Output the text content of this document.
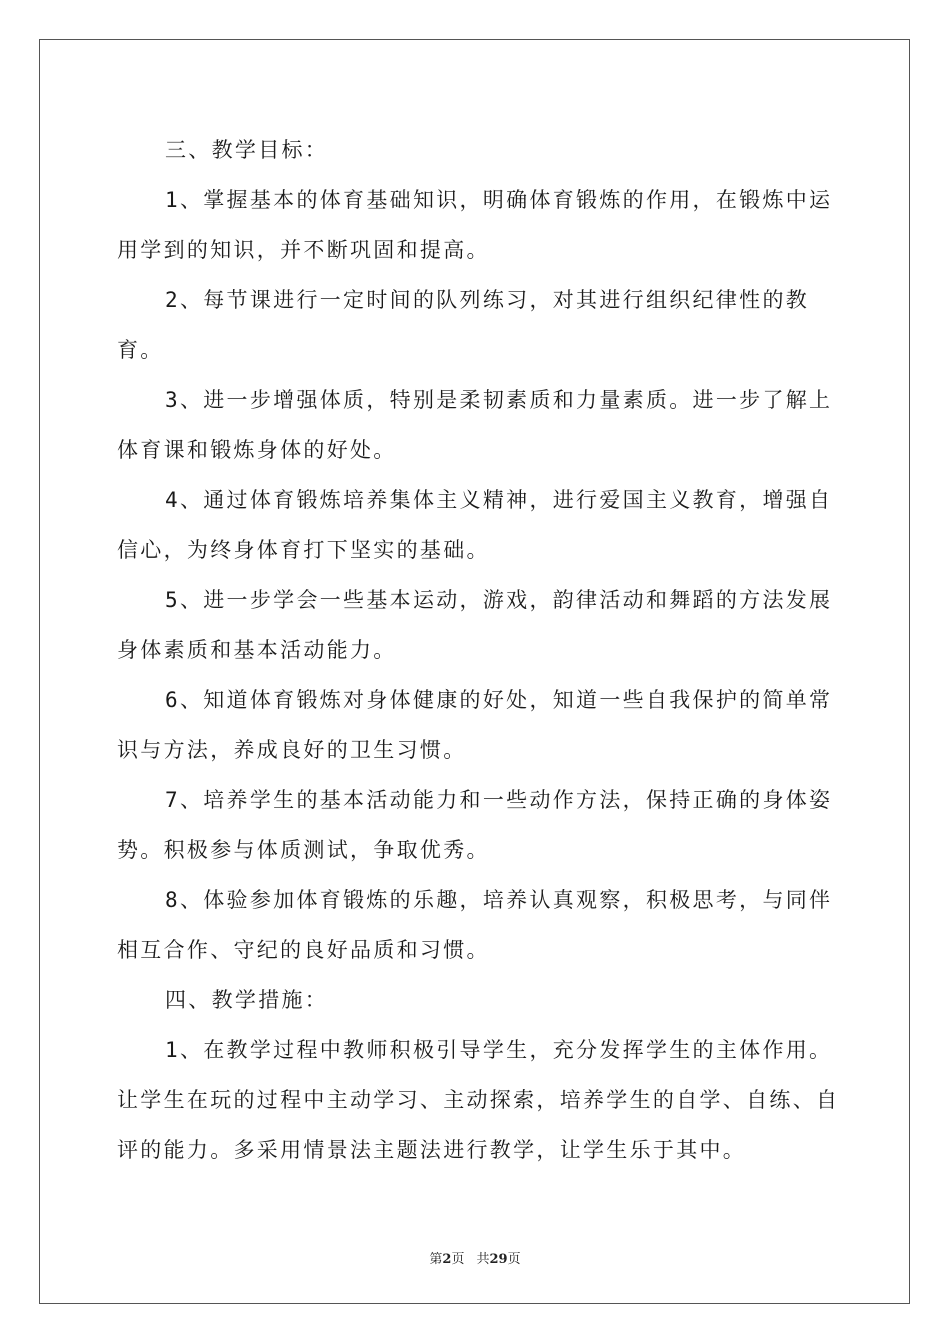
三、教学目标：

1、掌握基本的体育基础知识，明确体育锻炼的作用，在锻炼中运用学到的知识，并不断巩固和提高。

2、每节课进行一定时间的队列练习，对其进行组织纪律性的教育。

3、进一步增强体质，特别是柔韧素质和力量素质。进一步了解上体育课和锻炼身体的好处。

4、通过体育锻炼培养集体主义精神，进行爱国主义教育，增强自信心，为终身体育打下坚实的基础。

5、进一步学会一些基本运动，游戏，韵律活动和舞蹈的方法发展身体素质和基本活动能力。

6、知道体育锻炼对身体健康的好处，知道一些自我保护的简单常识与方法，养成良好的卫生习惯。

7、培养学生的基本活动能力和一些动作方法，保持正确的身体姿势。积极参与体质测试，争取优秀。

8、体验参加体育锻炼的乐趣，培养认真观察，积极思考，与同伴相互合作、守纪的良好品质和习惯。

四、教学措施：

1、在教学过程中教师积极引导学生，充分发挥学生的主体作用。让学生在玩的过程中主动学习、主动探索，培养学生的自学、自练、自评的能力。多采用情景法主题法进行教学，让学生乐于其中。

第2页 共29页
